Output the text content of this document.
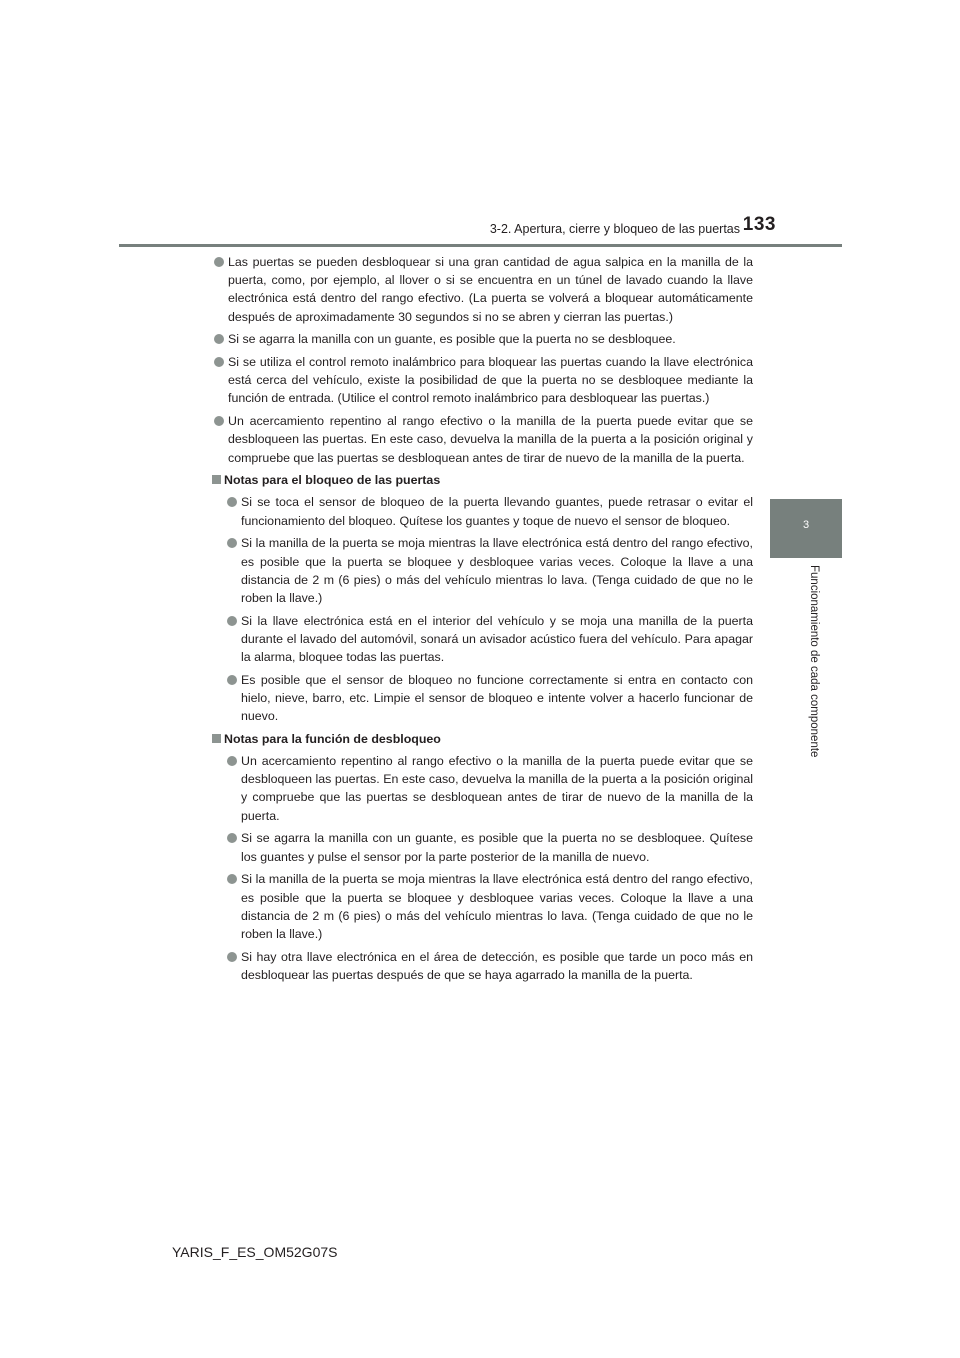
3-2. Apertura, cierre y bloqueo de las puertas 133
3
Funcionamiento de cada componente
Las puertas se pueden desbloquear si una gran cantidad de agua salpica en la manilla de la puerta, como, por ejemplo, al llover o si se encuentra en un túnel de lavado cuando la llave electrónica está dentro del rango efectivo. (La puerta se volverá a bloquear automáticamente después de aproximadamente 30 segundos si no se abren y cierran las puertas.)
Si se agarra la manilla con un guante, es posible que la puerta no se desbloquee.
Si se utiliza el control remoto inalámbrico para bloquear las puertas cuando la llave electrónica está cerca del vehículo, existe la posibilidad de que la puerta no se desbloquee mediante la función de entrada. (Utilice el control remoto inalámbrico para desbloquear las puertas.)
Un acercamiento repentino al rango efectivo o la manilla de la puerta puede evitar que se desbloqueen las puertas. En este caso, devuelva la manilla de la puerta a la posición original y compruebe que las puertas se desbloquean antes de tirar de nuevo de la manilla de la puerta.
Notas para el bloqueo de las puertas
Si se toca el sensor de bloqueo de la puerta llevando guantes, puede retrasar o evitar el funcionamiento del bloqueo. Quítese los guantes y toque de nuevo el sensor de bloqueo.
Si la manilla de la puerta se moja mientras la llave electrónica está dentro del rango efectivo, es posible que la puerta se bloquee y desbloquee varias veces. Coloque la llave a una distancia de 2 m (6 pies) o más del vehículo mientras lo lava. (Tenga cuidado de que no le roben la llave.)
Si la llave electrónica está en el interior del vehículo y se moja una manilla de la puerta durante el lavado del automóvil, sonará un avisador acústico fuera del vehículo. Para apagar la alarma, bloquee todas las puertas.
Es posible que el sensor de bloqueo no funcione correctamente si entra en contacto con hielo, nieve, barro, etc. Limpie el sensor de bloqueo e intente volver a hacerlo funcionar de nuevo.
Notas para la función de desbloqueo
Un acercamiento repentino al rango efectivo o la manilla de la puerta puede evitar que se desbloqueen las puertas. En este caso, devuelva la manilla de la puerta a la posición original y compruebe que las puertas se desbloquean antes de tirar de nuevo de la manilla de la puerta.
Si se agarra la manilla con un guante, es posible que la puerta no se desbloquee. Quítese los guantes y pulse el sensor por la parte posterior de la manilla de nuevo.
Si la manilla de la puerta se moja mientras la llave electrónica está dentro del rango efectivo, es posible que la puerta se bloquee y desbloquee varias veces. Coloque la llave a una distancia de 2 m (6 pies) o más del vehículo mientras lo lava. (Tenga cuidado de que no le roben la llave.)
Si hay otra llave electrónica en el área de detección, es posible que tarde un poco más en desbloquear las puertas después de que se haya agarrado la manilla de la puerta.
YARIS_F_ES_OM52G07S
